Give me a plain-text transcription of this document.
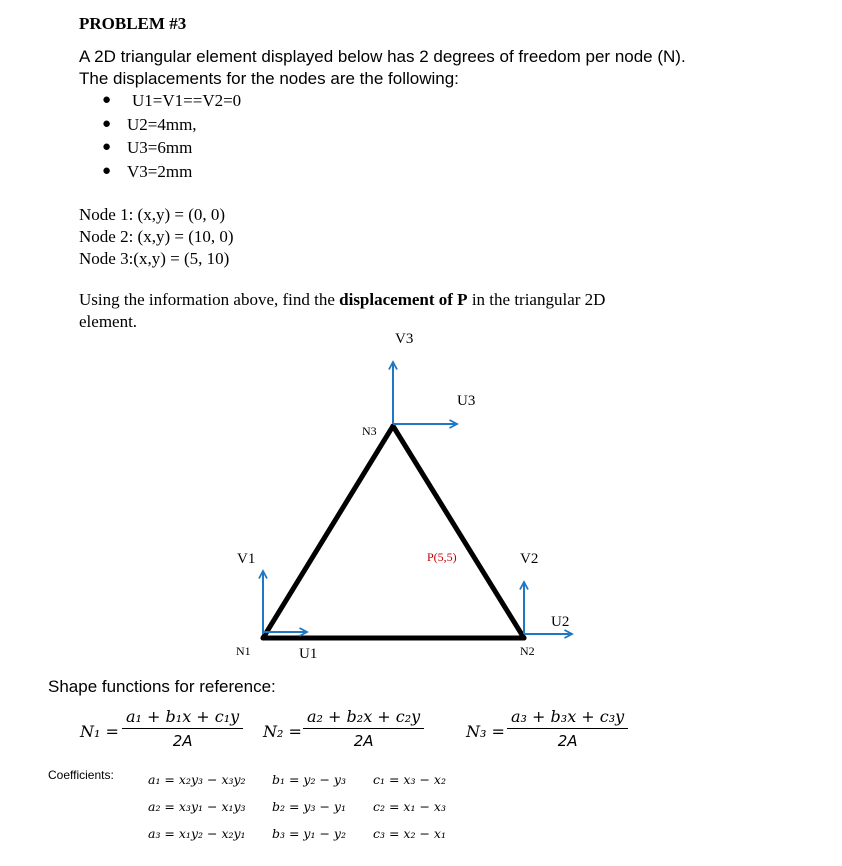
PROBLEM #3
A 2D triangular element displayed below has 2 degrees of freedom per node (N).
The displacements for the nodes are the following:
● U1=V1==V2=0
● U2=4mm,
● U3=6mm
● V3=2mm
Node 1: (x,y) = (0, 0)
Node 2: (x,y) = (10, 0)
Node 3:(x,y) = (5, 10)
Using the information above, find the displacement of P in the triangular 2D
element.
V3
U3
N3
V1	P(5,5)	V2
U2
N1	U1	N2
Shape functions for reference:
$N_1 = \frac{\text{a₁ + b₁x + c₁y}}{2A} N_2 = \frac{\text{a₂ + b₂x + c₂y}}{2A}$	$N_3 = \frac{\text{a₃ + b₃x + c₃y}}{2A}$
Coefficients:	a₁ = x₂y₃ − x₃y₂ b₁ = y₂ − y₃ c₁ = x₃ − x₂
a₂ = x₃y₁ − x₁y₃ b₂ = y₃ − y₁ c₂ = x₁ − x₃
a₃ = x₁y₂ − x₂y₁ b₃ = y₁ − y₂ c₃ = x₂ − x₁
